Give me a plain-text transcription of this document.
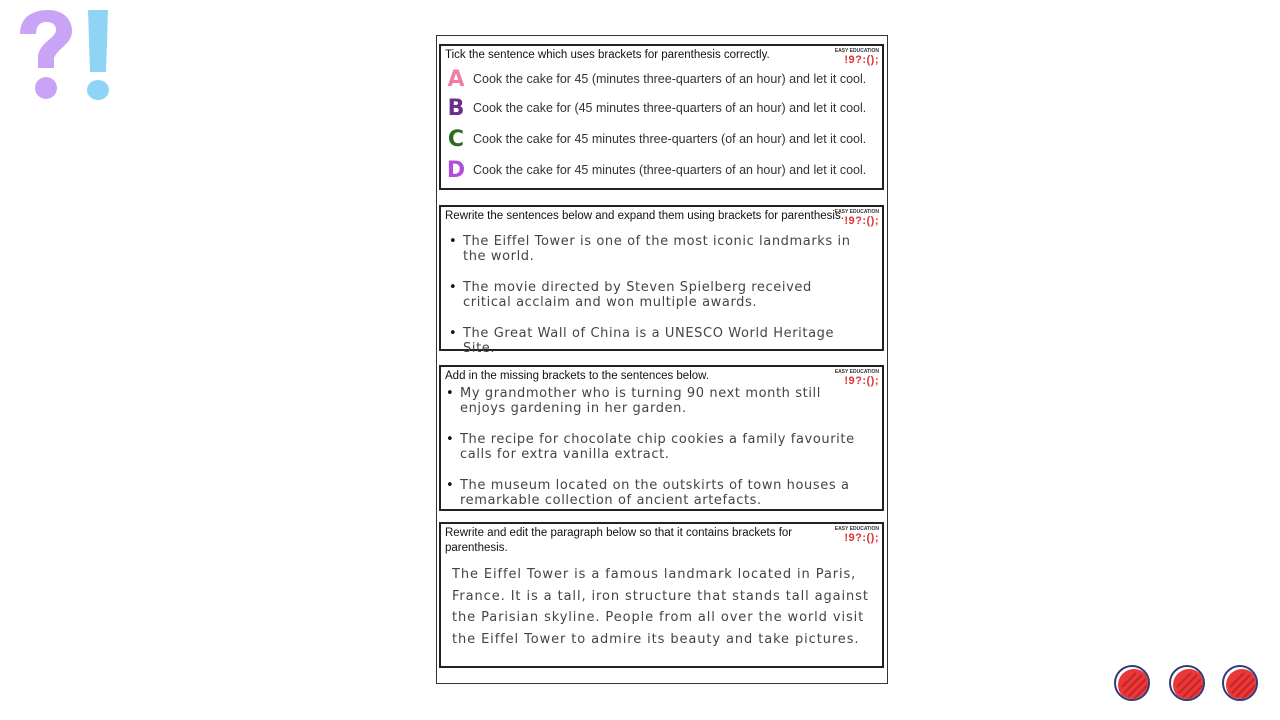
Tick the sentence which uses brackets for parenthesis correctly.	EASY EDUCATION
!9?:();
A Cook the cake for 45 (minutes three-quarters of an hour) and let it cool.
B Cook the cake for (45 minutes three-quarters of an hour) and let it cool.
C Cook the cake for 45 minutes three-quarters (of an hour) and let it cool.
D Cook the cake for 45 minutes (three-quarters of an hour) and let it cool.
Rewrite the sentences below and expand them using brackets for parenthesis.
EASY EDUCATION
!9?:();
• The Eiffel Tower is one of the most iconic landmarks in the world.
• The movie directed by Steven Spielberg received critical acclaim and won multiple awards.
• The Great Wall of China is a UNESCO World Heritage Site.
Add in the missing brackets to the sentences below.	EASY EDUCATION
!9?:();
• My grandmother who is turning 90 next month still enjoys gardening in her garden.
• The recipe for chocolate chip cookies a family favourite calls for extra vanilla extract.
• The museum located on the outskirts of town houses a remarkable collection of ancient artefacts.
Rewrite and edit the paragraph below so that it contains brackets for parenthesis.
EASY EDUCATION
!9?:();
The Eiffel Tower is a famous landmark located in Paris, France. It is a tall, iron structure that stands tall against the Parisian skyline. People from all over the world visit the Eiffel Tower to admire its beauty and take pictures.
